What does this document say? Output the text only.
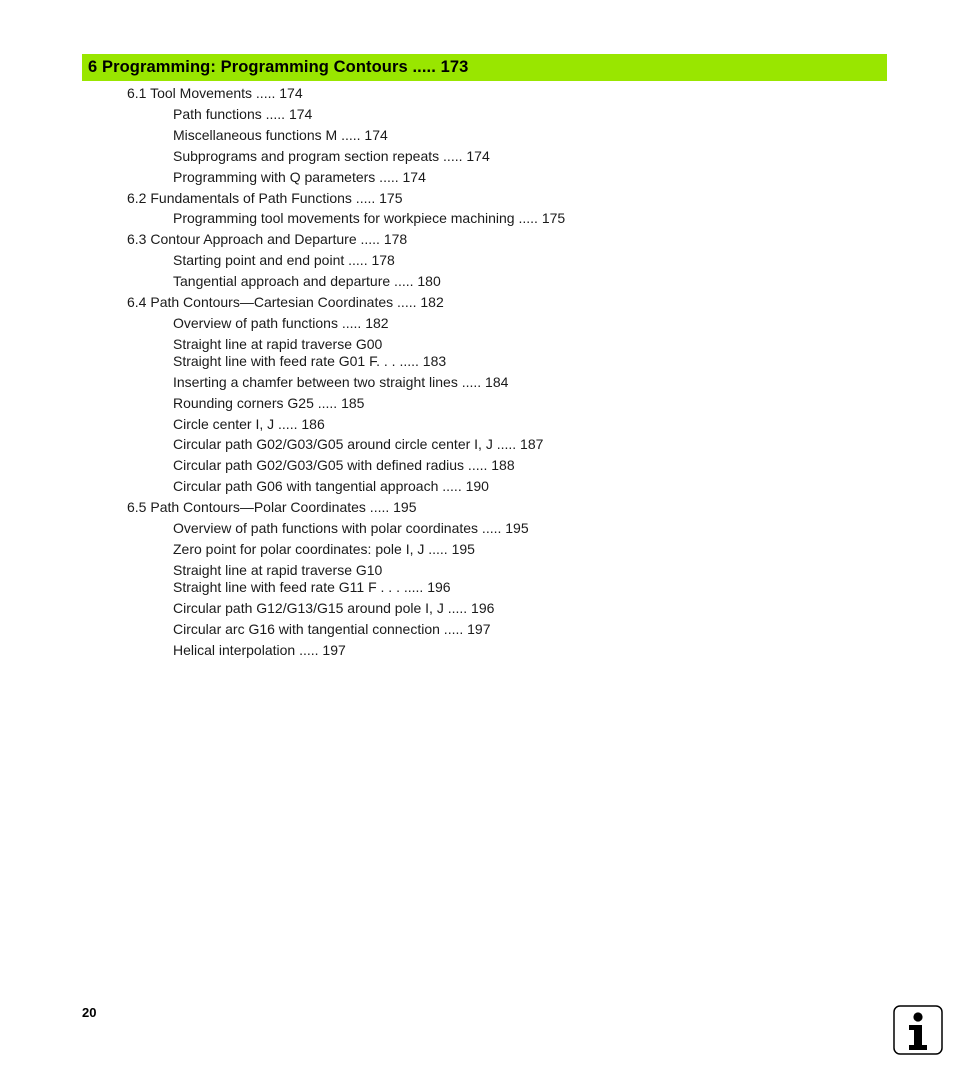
6 Programming: Programming Contours ..... 173
6.1 Tool Movements ..... 174
Path functions ..... 174
Miscellaneous functions M ..... 174
Subprograms and program section repeats ..... 174
Programming with Q parameters ..... 174
6.2 Fundamentals of Path Functions ..... 175
Programming tool movements for workpiece machining ..... 175
6.3 Contour Approach and Departure ..... 178
Starting point and end point ..... 178
Tangential approach and departure ..... 180
6.4 Path Contours—Cartesian Coordinates ..... 182
Overview of path functions ..... 182
Straight line at rapid traverse G00
Straight line with feed rate G01 F. . . ..... 183
Inserting a chamfer between two straight lines ..... 184
Rounding corners G25 ..... 185
Circle center I, J ..... 186
Circular path G02/G03/G05 around circle center I, J ..... 187
Circular path G02/G03/G05 with defined radius ..... 188
Circular path G06 with tangential approach ..... 190
6.5 Path Contours—Polar Coordinates ..... 195
Overview of path functions with polar coordinates ..... 195
Zero point for polar coordinates: pole I, J ..... 195
Straight line at rapid traverse G10
Straight line with feed rate G11 F . . . ..... 196
Circular path G12/G13/G15 around pole I, J ..... 196
Circular arc G16 with tangential connection ..... 197
Helical interpolation ..... 197
20
